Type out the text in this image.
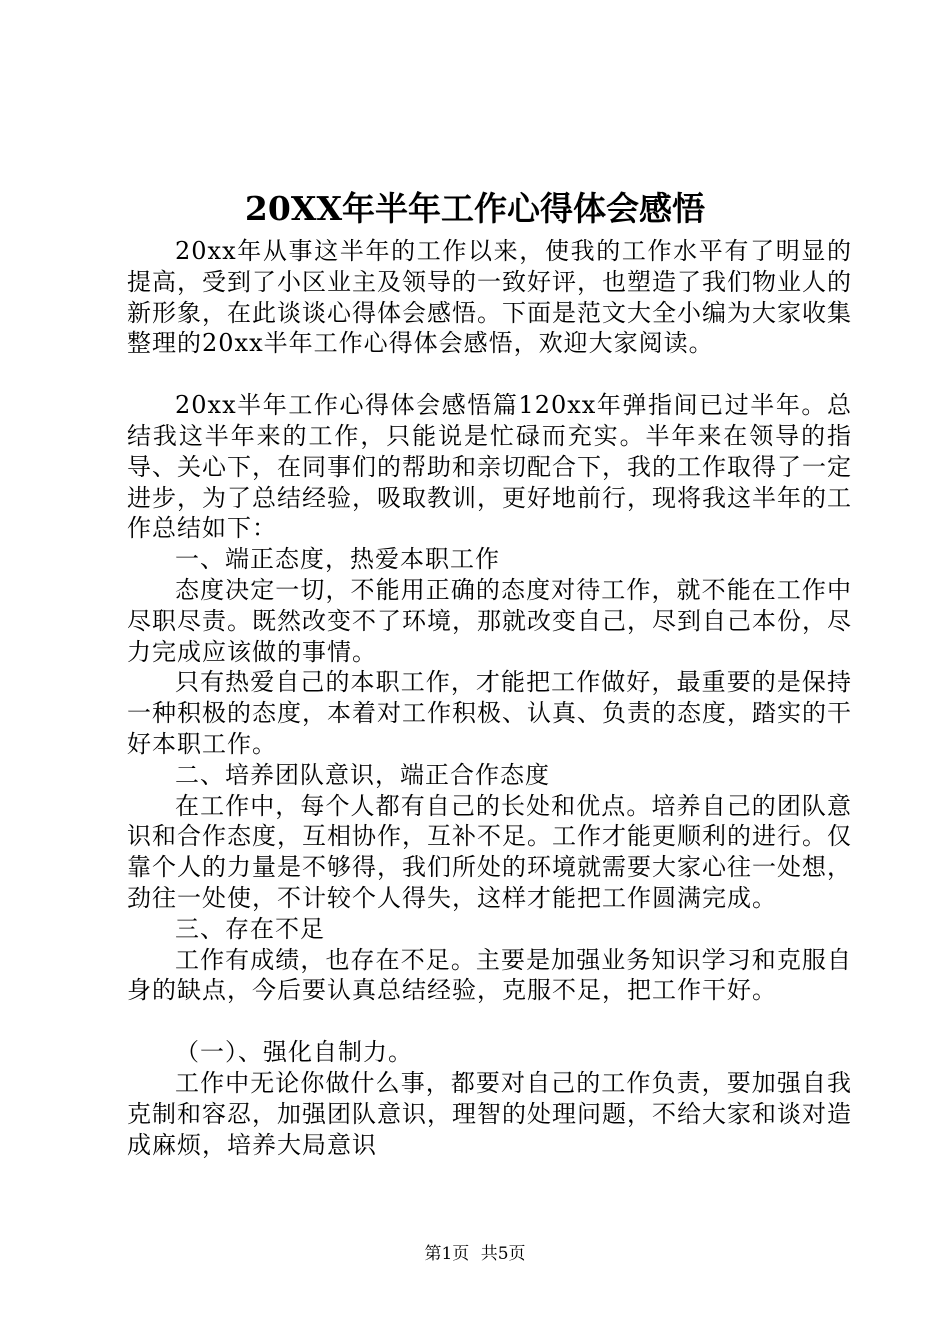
20XX年半年工作心得体会感悟

20xx年从事这半年的工作以来，使我的工作水平有了明显的提高，受到了小区业主及领导的一致好评，也塑造了我们物业人的新形象，在此谈谈心得体会感悟。下面是范文大全小编为大家收集整理的20xx半年工作心得体会感悟，欢迎大家阅读。

20xx半年工作心得体会感悟篇120xx年弹指间已过半年。总结我这半年来的工作，只能说是忙碌而充实。半年来在领导的指导、关心下，在同事们的帮助和亲切配合下，我的工作取得了一定进步，为了总结经验，吸取教训，更好地前行，现将我这半年的工作总结如下：

一、端正态度，热爱本职工作

态度决定一切，不能用正确的态度对待工作，就不能在工作中尽职尽责。既然改变不了环境，那就改变自己，尽到自己本份，尽力完成应该做的事情。

只有热爱自己的本职工作，才能把工作做好，最重要的是保持一种积极的态度，本着对工作积极、认真、负责的态度，踏实的干好本职工作。

二、培养团队意识，端正合作态度

在工作中，每个人都有自己的长处和优点。培养自己的团队意识和合作态度，互相协作，互补不足。工作才能更顺利的进行。仅靠个人的力量是不够得，我们所处的环境就需要大家心往一处想，劲往一处使，不计较个人得失，这样才能把工作圆满完成。

三、存在不足

工作有成绩，也存在不足。主要是加强业务知识学习和克服自身的缺点，今后要认真总结经验，克服不足，把工作干好。

（一）、强化自制力。

工作中无论你做什么事，都要对自己的工作负责，要加强自我克制和容忍，加强团队意识，理智的处理问题，不给大家和谈对造成麻烦，培养大局意识

第1页 共5页
